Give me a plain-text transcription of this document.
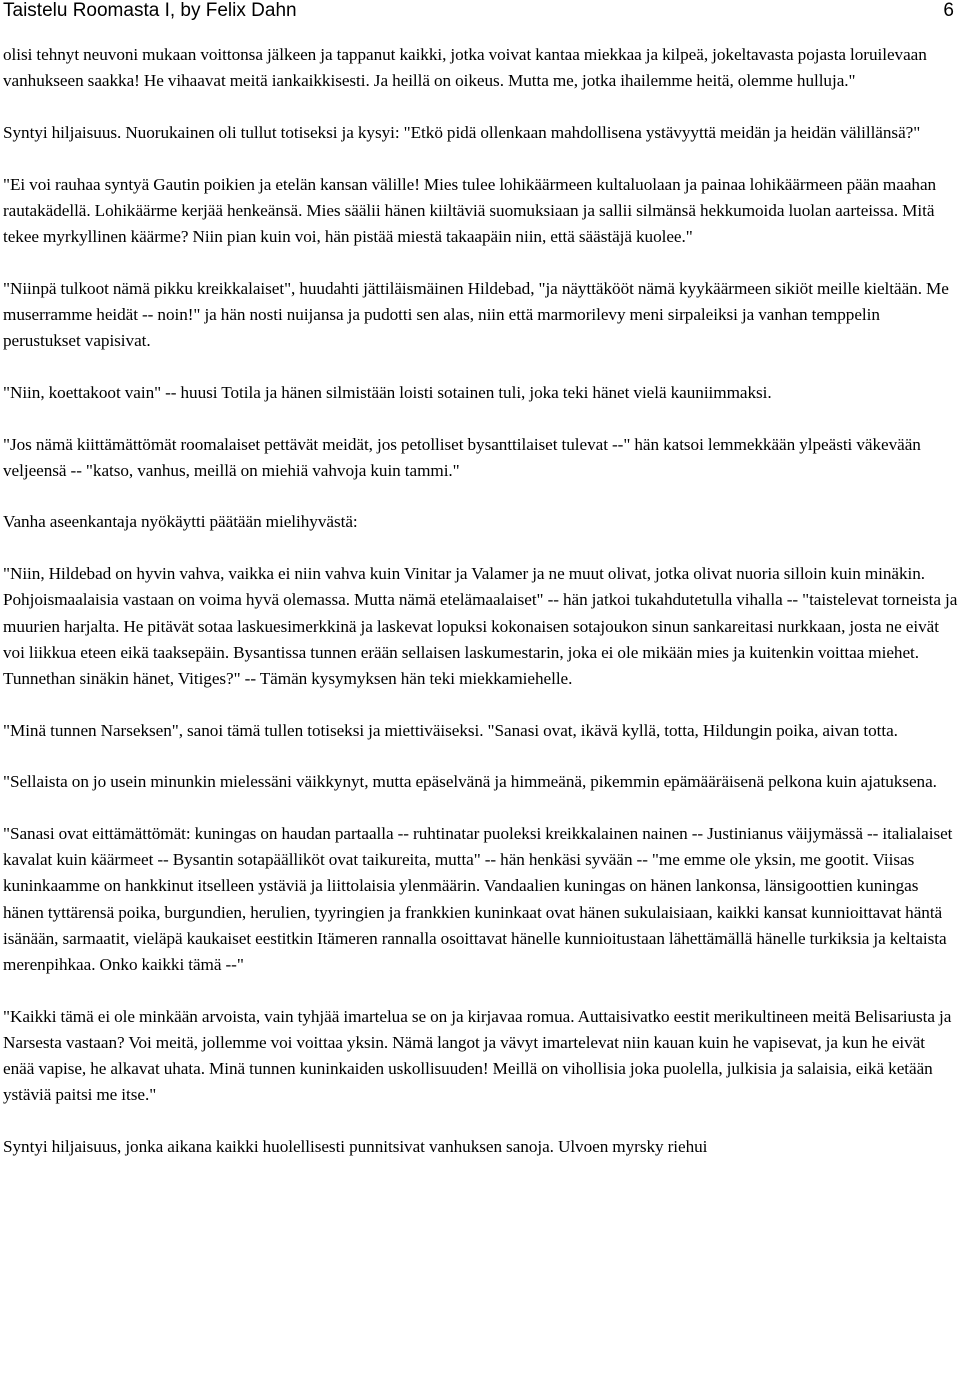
Taistelu Roomasta I, by Felix Dahn	6

olisi tehnyt neuvoni mukaan voittonsa jälkeen ja tappanut kaikki, jotka voivat kantaa miekkaa ja kilpeä, jokeltavasta pojasta loruilevaan vanhukseen saakka! He vihaavat meitä iankaikkisesti. Ja heillä on oikeus. Mutta me, jotka ihailemme heitä, olemme hulluja."

Syntyi hiljaisuus. Nuorukainen oli tullut totiseksi ja kysyi: "Etkö pidä ollenkaan mahdollisena ystävyyttä meidän ja heidän välillänsä?"

"Ei voi rauhaa syntyä Gautin poikien ja etelän kansan välille! Mies tulee lohikäärmeen kultaluolaan ja painaa lohikäärmeen pään maahan rautakädellä. Lohikäärme kerjää henkeänsä. Mies säälii hänen kiiltäviä suomuksiaan ja sallii silmänsä hekkumoida luolan aarteissa. Mitä tekee myrkyllinen käärme? Niin pian kuin voi, hän pistää miestä takaapäin niin, että säästäjä kuolee."

"Niinpä tulkoot nämä pikku kreikkalaiset", huudahti jättiläismäinen Hildebad, "ja näyttäkööt nämä kyykäärmeen sikiöt meille kieltään. Me muserramme heidät -- noin!" ja hän nosti nuijansa ja pudotti sen alas, niin että marmorilevy meni sirpaleiksi ja vanhan temppelin perustukset vapisivat.

"Niin, koettakoot vain" -- huusi Totila ja hänen silmistään loisti sotainen tuli, joka teki hänet vielä kauniimmaksi.

"Jos nämä kiittämättömät roomalaiset pettävät meidät, jos petolliset bysanttilaiset tulevat --" hän katsoi lemmekkään ylpeästi väkevään veljeensä -- "katso, vanhus, meillä on miehiä vahvoja kuin tammi."

Vanha aseenkantaja nyökäytti päätään mielihyvästä:

"Niin, Hildebad on hyvin vahva, vaikka ei niin vahva kuin Vinitar ja Valamer ja ne muut olivat, jotka olivat nuoria silloin kuin minäkin. Pohjoismaalaisia vastaan on voima hyvä olemassa. Mutta nämä etelämaalaiset" -- hän jatkoi tukahdutetulla vihalla -- "taistelevat torneista ja muurien harjalta. He pitävät sotaa laskuesimerkkinä ja laskevat lopuksi kokonaisen sotajoukon sinun sankareitasi nurkkaan, josta ne eivät voi liikkua eteen eikä taaksepäin. Bysantissa tunnen erään sellaisen laskumestarin, joka ei ole mikään mies ja kuitenkin voittaa miehet. Tunnethan sinäkin hänet, Vitiges?" -- Tämän kysymyksen hän teki miekkamiehelle.

"Minä tunnen Narseksen", sanoi tämä tullen totiseksi ja miettiväiseksi. "Sanasi ovat, ikävä kyllä, totta, Hildungin poika, aivan totta.

"Sellaista on jo usein minunkin mielessäni väikkynyt, mutta epäselvänä ja himmeänä, pikemmin epämääräisenä pelkona kuin ajatuksena.

"Sanasi ovat eittämättömät: kuningas on haudan partaalla -- ruhtinatar puoleksi kreikkalainen nainen -- Justinianus väijymässä -- italialaiset kavalat kuin käärmeet -- Bysantin sotapäälliköt ovat taikureita, mutta" -- hän henkäsi syvään -- "me emme ole yksin, me gootit. Viisas kuninkaamme on hankkinut itselleen ystäviä ja liittolaisia ylenmäärin. Vandaalien kuningas on hänen lankonsa, länsigoottien kuningas hänen tyttärensä poika, burgundien, herulien, tyyringien ja frankkien kuninkaat ovat hänen sukulaisiaan, kaikki kansat kunnioittavat häntä isänään, sarmaatit, vieläpä kaukaiset eestitkin Itämeren rannalla osoittavat hänelle kunnioitustaan lähettämällä hänelle turkiksia ja keltaista merenpihkaa. Onko kaikki tämä --"

"Kaikki tämä ei ole minkään arvoista, vain tyhjää imartelua se on ja kirjavaa romua. Auttaisivatko eestit merikultineen meitä Belisariusta ja Narsesta vastaan? Voi meitä, jollemme voi voittaa yksin. Nämä langot ja vävyt imartelevat niin kauan kuin he vapisevat, ja kun he eivät enää vapise, he alkavat uhata. Minä tunnen kuninkaiden uskollisuuden! Meillä on vihollisia joka puolella, julkisia ja salaisia, eikä ketään ystäviä paitsi me itse."

Syntyi hiljaisuus, jonka aikana kaikki huolellisesti punnitsivat vanhuksen sanoja. Ulvoen myrsky riehui
